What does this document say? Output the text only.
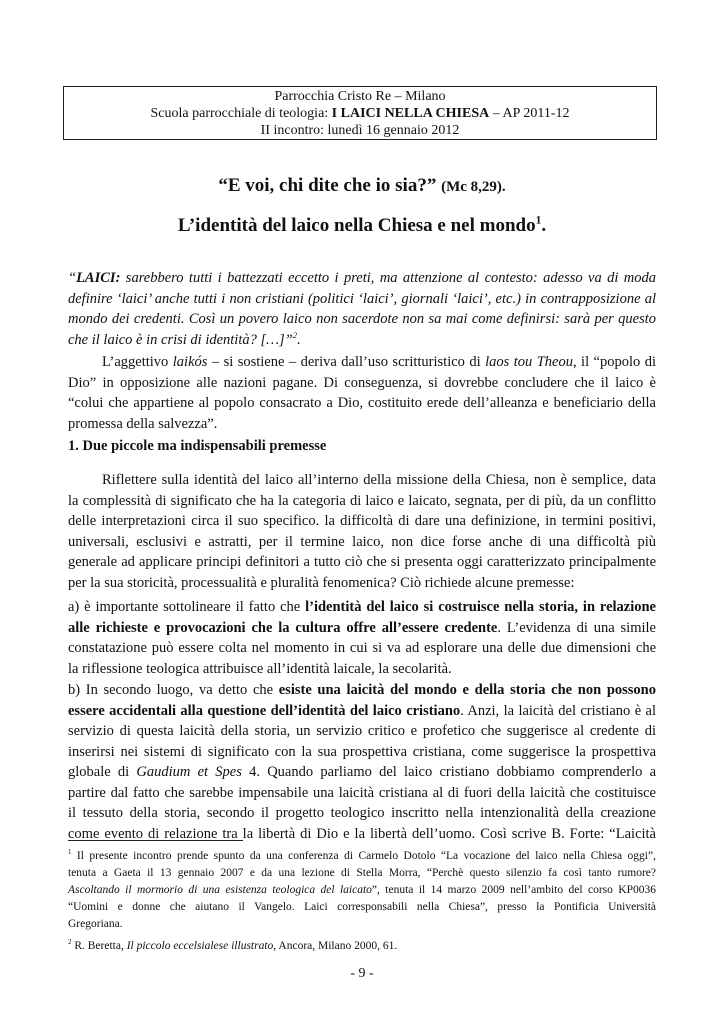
Parrocchia Cristo Re – Milano
Scuola parrocchiale di teologia: I LAICI NELLA CHIESA – AP 2011-12
II incontro: lunedì 16 gennaio 2012
“E voi, chi dite che io sia?” (Mc 8,29).
L’identità del laico nella Chiesa e nel mondo$^1$.
“LAICI: sarebbero tutti i battezzati eccetto i preti, ma attenzione al contesto: adesso va di moda
definire ‘laici’ anche tutti i non cristiani (politici ‘laici’, giornali ‘laici’, etc.) in contrapposizione al
mondo dei credenti. Così un povero laico non sacerdote non sa mai come definirsi: sarà per questo
che il laico è in crisi di identità? […]”$^2$.
L’aggettivo laikós – si sostiene – deriva dall’uso scritturistico di laos tou Theou, il “popolo di
Dio” in opposizione alle nazioni pagane. Di conseguenza, si dovrebbe concludere che il laico è
“colui che appartiene al popolo consacrato a Dio, costituito erede dell’alleanza e beneficiario della
promessa della salvezza”.
1. Due piccole ma indispensabili premesse
Riflettere sulla identità del laico all’interno della missione della Chiesa, non è semplice, data
la complessità di significato che ha la categoria di laico e laicato, segnata, per di più, da un conflitto
delle interpretazioni circa il suo specifico. la difficoltà di dare una definizione, in termini positivi,
universali, esclusivi e astratti, per il termine laico, non dice forse anche di una difficoltà più
generale ad applicare principi definitori a tutto ciò che si presenta oggi caratterizzato principalmente
per la sua storicità, processualità e pluralità fenomenica? Ciò richiede alcune premesse:
a) è importante sottolineare il fatto che l’identità del laico si costruisce nella storia, in relazione
alle richieste e provocazioni che la cultura offre all’essere credente. L’evidenza di una simile
constatazione può essere colta nel momento in cui si va ad esplorare una delle due dimensioni che
la riflessione teologica attribuisce all’identità laicale, la secolarità.
b) In secondo luogo, va detto che esiste una laicità del mondo e della storia che non possono
essere accidentali alla questione dell’identità del laico cristiano. Anzi, la laicità del cristiano è al
servizio di questa laicità della storia, un servizio critico e profetico che suggerisce al credente di
inserirsi nei sistemi di significato con la sua prospettiva cristiana, come suggerisce la prospettiva
globale di Gaudium et Spes 4. Quando parliamo del laico cristiano dobbiamo comprenderlo a
partire dal fatto che sarebbe impensabile una laicità cristiana al di fuori della laicità che costituisce
il tessuto della storia, secondo il progetto teologico inscritto nella intenzionalità della creazione
come evento di relazione tra la libertà di Dio e la libertà dell’uomo. Così scrive B. Forte: “Laicità
$^1$ Il presente incontro prende spunto da una conferenza di Carmelo Dotolo “La vocazione del laico nella Chiesa oggi”,
tenuta a Gaeta il 13 gennaio 2007 e da una lezione di Stella Morra, “Perchè questo silenzio fa così tanto rumore?
Ascoltando il mormorio di una esistenza teologica del laicato”, tenuta il 14 marzo 2009 nell’ambito del corso KP0036
“Uomini e donne che aiutano il Vangelo. Laici corresponsabili nella Chiesa”, presso la Pontificia Università
Gregoriana.
$^2$ R. Beretta, Il piccolo eccelsialese illustrato, Ancora, Milano 2000, 61.
- 9 -
